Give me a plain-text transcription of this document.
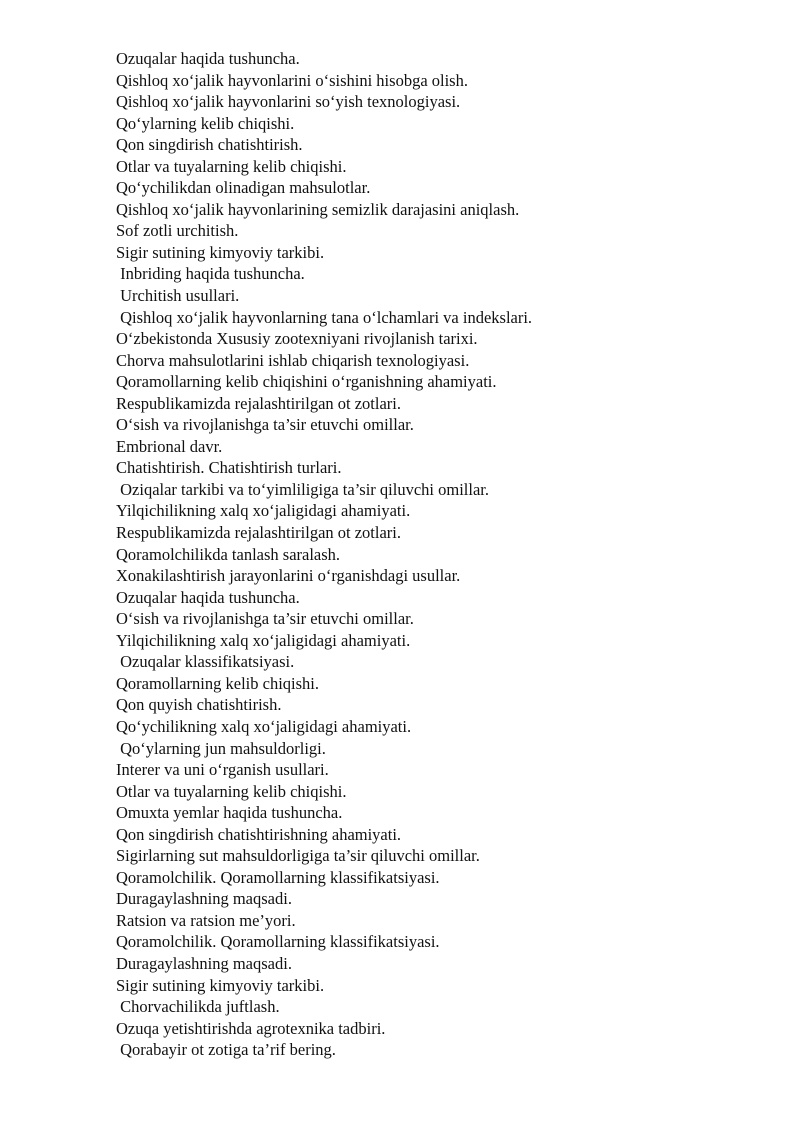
Ozuqalar haqida tushuncha.

Qishloq xo‘jalik hayvonlarini o‘sishini hisobga olish.

Qishloq xo‘jalik hayvonlarini so‘yish texnologiyasi.

Qo‘ylarning kelib chiqishi.

Qon singdirish chatishtirish.

Otlar va tuyalarning kelib chiqishi.

Qo‘ychilikdan olinadigan mahsulotlar.

Qishloq xo‘jalik hayvonlarining semizlik darajasini aniqlash.

Sof zotli urchitish.

Sigir sutining kimyoviy tarkibi.

Inbriding haqida tushuncha.

Urchitish usullari.

Qishloq xo‘jalik hayvonlarning tana o‘lchamlari va indekslari.

O‘zbekistonda Xususiy zootexniyani rivojlanish tarixi.

Chorva mahsulotlarini ishlab chiqarish texnologiyasi.

Qoramollarning kelib chiqishini o‘rganishning ahamiyati.

Respublikamizda rejalashtirilgan ot zotlari.

O‘sish va rivojlanishga ta’sir etuvchi omillar.

Embrional davr.

Chatishtirish. Chatishtirish turlari.

Oziqalar tarkibi va to‘yimliligiga ta’sir qiluvchi omillar.

Yilqichilikning xalq xo‘jaligidagi ahamiyati.

Respublikamizda rejalashtirilgan ot zotlari.

Qoramolchilikda tanlash saralash.

Xonakilashtirish jarayonlarini o‘rganishdagi usullar.

Ozuqalar haqida tushuncha.

O‘sish va rivojlanishga ta’sir etuvchi omillar.

Yilqichilikning xalq xo‘jaligidagi ahamiyati.

Ozuqalar klassifikatsiyasi.

Qoramollarning kelib chiqishi.

Qon quyish chatishtirish.

Qo‘ychilikning xalq xo‘jaligidagi ahamiyati.

Qo‘ylarning jun mahsuldorligi.

Interer va uni o‘rganish usullari.

Otlar va tuyalarning kelib chiqishi.

Omuxta yemlar haqida tushuncha.

Qon singdirish chatishtirishning ahamiyati.

Sigirlarning sut mahsuldorligiga ta’sir qiluvchi omillar.

Qoramolchilik. Qoramollarning klassifikatsiyasi.

Duragaylashning maqsadi.

Ratsion va ratsion me’yori.

Qoramolchilik. Qoramollarning klassifikatsiyasi.

Duragaylashning maqsadi.

Sigir sutining kimyoviy tarkibi.

Chorvachilikda juftlash.

Ozuqa yetishtirishda agrotexnika tadbiri.

Qorabayir ot zotiga ta’rif bering.
